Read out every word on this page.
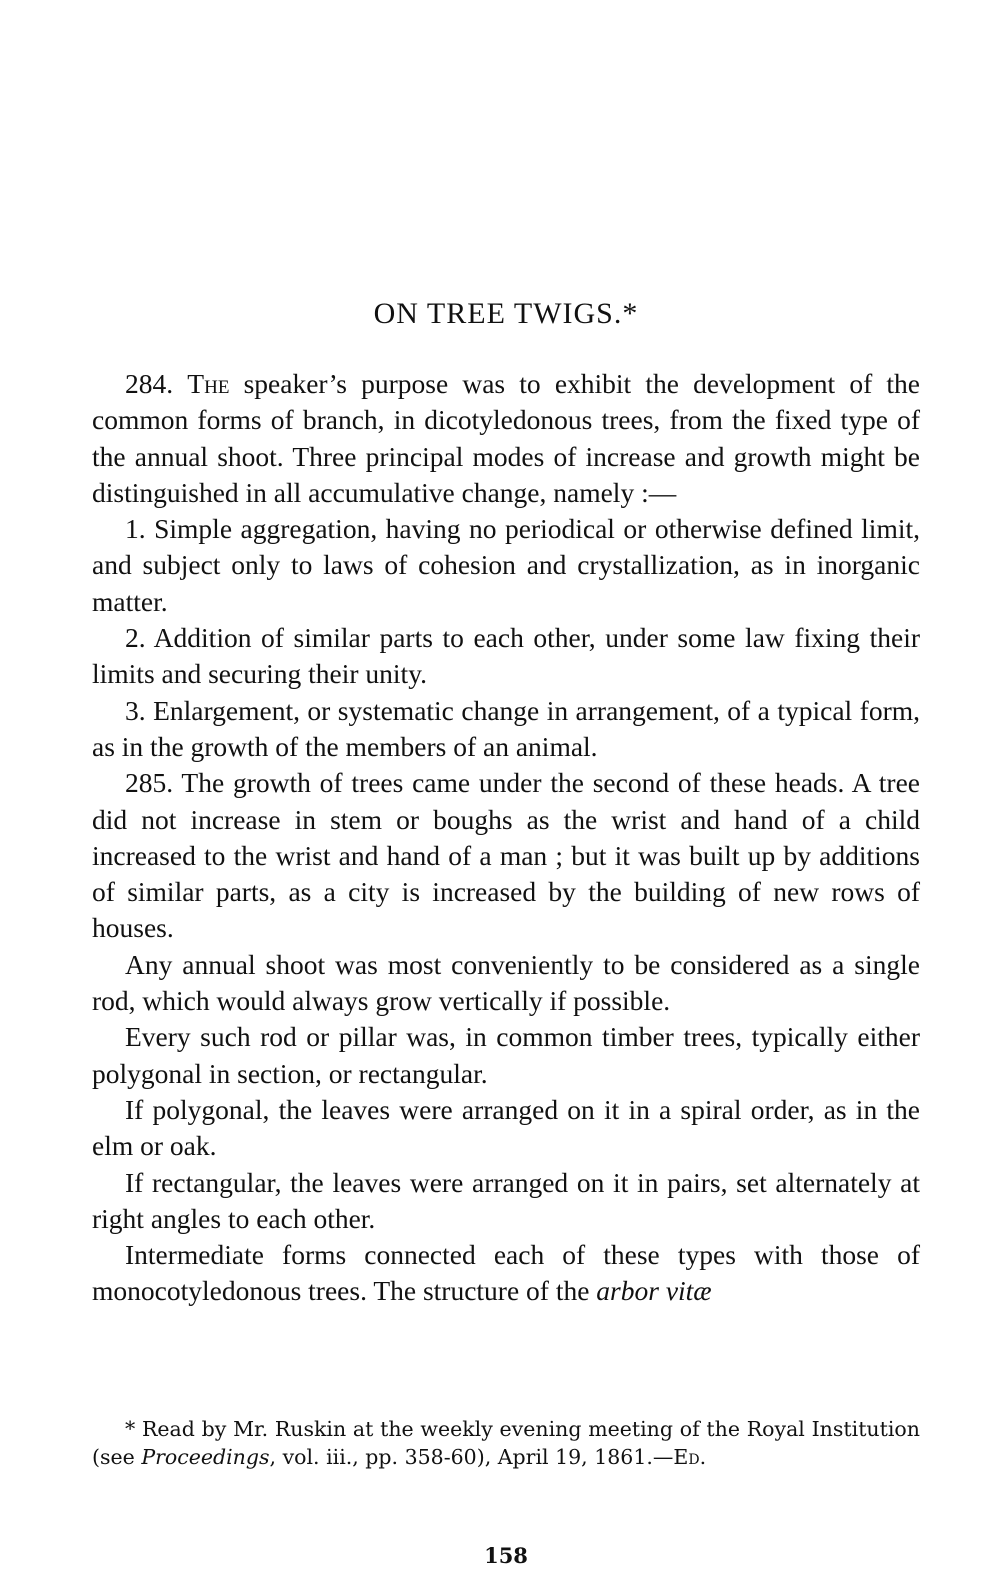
ON TREE TWIGS.*

284. The speaker’s purpose was to exhibit the development of the common forms of branch, in dicotyledonous trees, from the fixed type of the annual shoot. Three principal modes of increase and growth might be distinguished in all accumulative change, namely :—

1. Simple aggregation, having no periodical or otherwise defined limit, and subject only to laws of cohesion and crystallization, as in inorganic matter.

2. Addition of similar parts to each other, under some law fixing their limits and securing their unity.

3. Enlargement, or systematic change in arrangement, of a typical form, as in the growth of the members of an animal.

285. The growth of trees came under the second of these heads. A tree did not increase in stem or boughs as the wrist and hand of a child increased to the wrist and hand of a man ; but it was built up by additions of similar parts, as a city is increased by the building of new rows of houses.

Any annual shoot was most conveniently to be considered as a single rod, which would always grow vertically if possible.

Every such rod or pillar was, in common timber trees, typically either polygonal in section, or rectangular.

If polygonal, the leaves were arranged on it in a spiral order, as in the elm or oak.

If rectangular, the leaves were arranged on it in pairs, set alternately at right angles to each other.

Intermediate forms connected each of these types with those of monocotyledonous trees. The structure of the arbor vitæ

* Read by Mr. Ruskin at the weekly evening meeting of the Royal Institution (see Proceedings, vol. iii., pp. 358-60), April 19, 1861.—Ed.
158
